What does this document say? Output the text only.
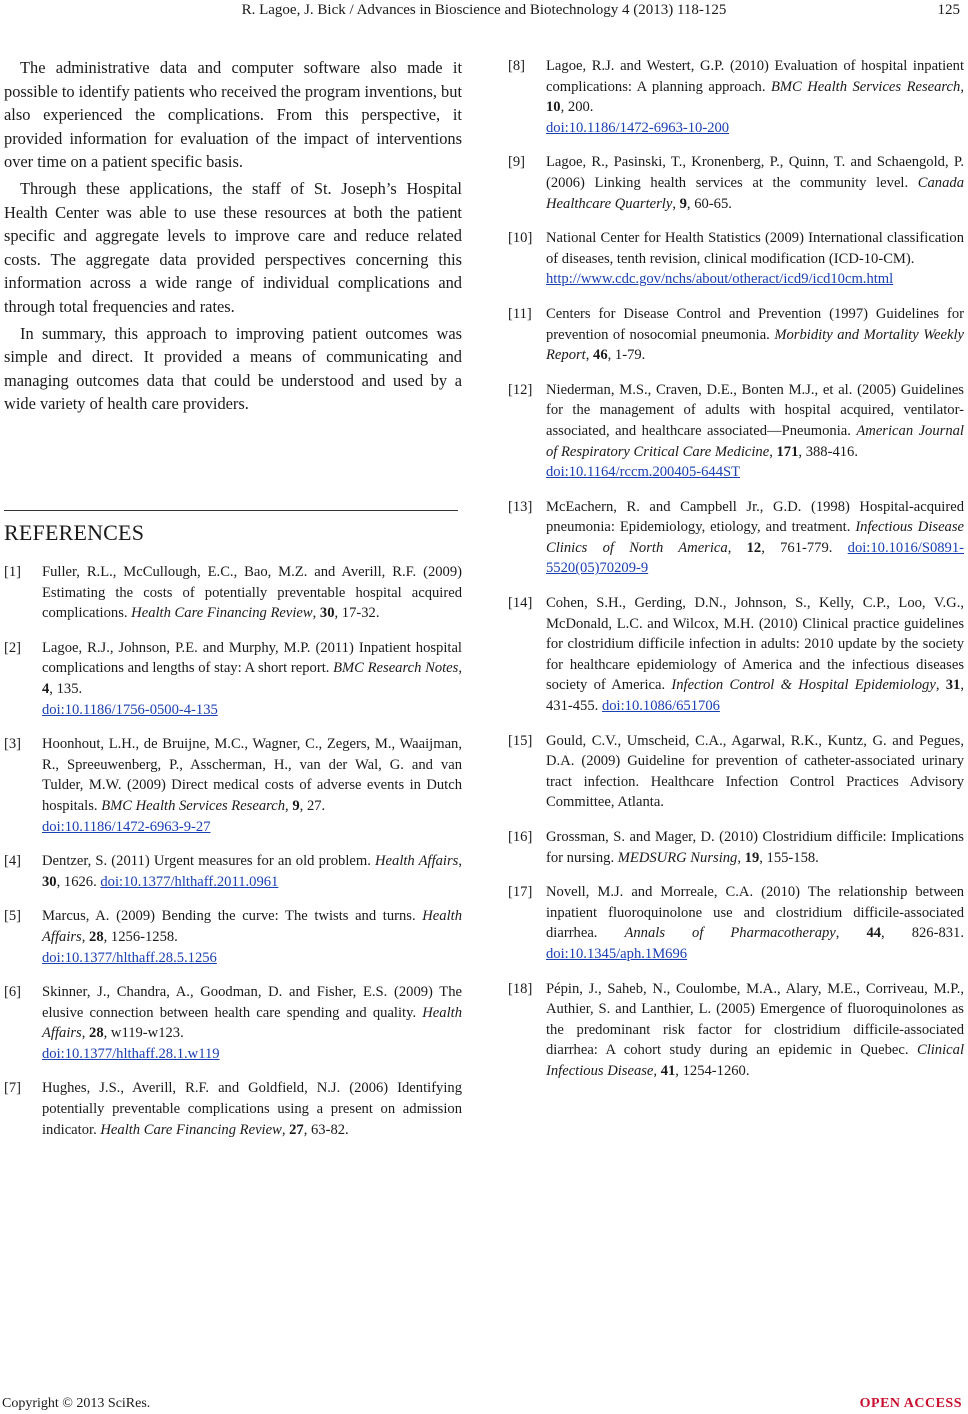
R. Lagoe, J. Bick / Advances in Bioscience and Biotechnology 4 (2013) 118-125	125

The administrative data and computer software also made it possible to identify patients who received the program inventions, but also experienced the complications. From this perspective, it provided information for evaluation of the impact of interventions over time on a patient specific basis.

Through these applications, the staff of St. Joseph’s Hospital Health Center was able to use these resources at both the patient specific and aggregate levels to improve care and reduce related costs. The aggregate data provided perspectives concerning this information across a wide range of individual complications and through total frequencies and rates.

In summary, this approach to improving patient outcomes was simple and direct. It provided a means of communicating and managing outcomes data that could be understood and used by a wide variety of health care providers.

REFERENCES
[1]	Fuller, R.L., McCullough, E.C., Bao, M.Z. and Averill, R.F. (2009) Estimating the costs of potentially preventable hospital acquired complications. Health Care Financing Review, 30, 17-32.
[2]	Lagoe, R.J., Johnson, P.E. and Murphy, M.P. (2011) Inpatient hospital complications and lengths of stay: A short report. BMC Research Notes, 4, 135.
doi:10.1186/1756-0500-4-135
[3]	Hoonhout, L.H., de Bruijne, M.C., Wagner, C., Zegers, M., Waaijman, R., Spreeuwenberg, P., Asscherman, H., van der Wal, G. and van Tulder, M.W. (2009) Direct medical costs of adverse events in Dutch hospitals. BMC Health Services Research, 9, 27.
doi:10.1186/1472-6963-9-27
[4]	Dentzer, S. (2011) Urgent measures for an old problem. Health Affairs, 30, 1626. doi:10.1377/hlthaff.2011.0961
[5]	Marcus, A. (2009) Bending the curve: The twists and turns. Health Affairs, 28, 1256-1258.
doi:10.1377/hlthaff.28.5.1256
[6]	Skinner, J., Chandra, A., Goodman, D. and Fisher, E.S. (2009) The elusive connection between health care spending and quality. Health Affairs, 28, w119-w123.
doi:10.1377/hlthaff.28.1.w119
[7]	Hughes, J.S., Averill, R.F. and Goldfield, N.J. (2006) Identifying potentially preventable complications using a present on admission indicator. Health Care Financing Review, 27, 63-82.
[8]	Lagoe, R.J. and Westert, G.P. (2010) Evaluation of hospital inpatient complications: A planning approach. BMC Health Services Research, 10, 200.
doi:10.1186/1472-6963-10-200
[9]	Lagoe, R., Pasinski, T., Kronenberg, P., Quinn, T. and Schaengold, P. (2006) Linking health services at the community level. Canada Healthcare Quarterly, 9, 60-65.
[10] National Center for Health Statistics (2009) International classification of diseases, tenth revision, clinical modification (ICD-10-CM).
http://www.cdc.gov/nchs/about/otheract/icd9/icd10cm.html
[11] Centers for Disease Control and Prevention (1997) Guidelines for prevention of nosocomial pneumonia. Morbidity and Mortality Weekly Report, 46, 1-79.
[12] Niederman, M.S., Craven, D.E., Bonten M.J., et al. (2005) Guidelines for the management of adults with hospital acquired, ventilator-associated, and healthcare associated—Pneumonia. American Journal of Respiratory Critical Care Medicine, 171, 388-416.
doi:10.1164/rccm.200405-644ST
[13] McEachern, R. and Campbell Jr., G.D. (1998) Hospital-acquired pneumonia: Epidemiology, etiology, and treatment. Infectious Disease Clinics of North America, 12, 761-779. doi:10.1016/S0891-5520(05)70209-9
[14] Cohen, S.H., Gerding, D.N., Johnson, S., Kelly, C.P., Loo, V.G., McDonald, L.C. and Wilcox, M.H. (2010) Clinical practice guidelines for clostridium difficile infection in adults: 2010 update by the society for healthcare epidemiology of America and the infectious diseases society of America. Infection Control & Hospital Epidemiology, 31, 431-455. doi:10.1086/651706
[15] Gould, C.V., Umscheid, C.A., Agarwal, R.K., Kuntz, G. and Pegues, D.A. (2009) Guideline for prevention of catheter-associated urinary tract infection. Healthcare Infection Control Practices Advisory Committee, Atlanta.
[16] Grossman, S. and Mager, D. (2010) Clostridium difficile: Implications for nursing. MEDSURG Nursing, 19, 155-158.
[17] Novell, M.J. and Morreale, C.A. (2010) The relationship between inpatient fluoroquinolone use and clostridium difficile-associated diarrhea. Annals of Pharmacotherapy, 44, 826-831. doi:10.1345/aph.1M696
[18] Pépin, J., Saheb, N., Coulombe, M.A., Alary, M.E., Corriveau, M.P., Authier, S. and Lanthier, L. (2005) Emergence of fluoroquinolones as the predominant risk factor for clostridium difficile-associated diarrhea: A cohort study during an epidemic in Quebec. Clinical Infectious Disease, 41, 1254-1260.
Copyright © 2013 SciRes.	OPEN ACCESS
